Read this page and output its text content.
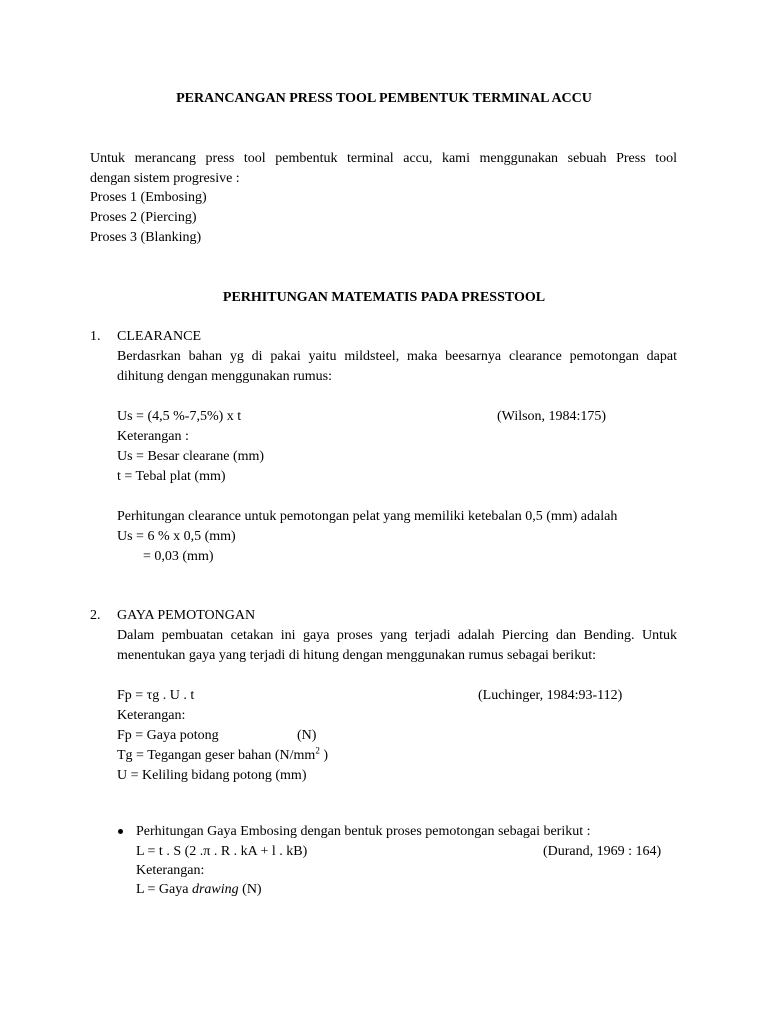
PERANCANGAN PRESS TOOL PEMBENTUK TERMINAL ACCU
Untuk merancang press tool pembentuk terminal accu, kami menggunakan sebuah Press tool
dengan sistem progresive :
Proses 1 (Embosing)
Proses 2 (Piercing)
Proses 3 (Blanking)
PERHITUNGAN MATEMATIS PADA PRESSTOOL
1. CLEARANCE
Berdasrkan bahan yg di pakai yaitu mildsteel, maka beesarnya clearance pemotongan dapat
dihitung dengan menggunakan rumus:
Us = (4,5 %-7,5%) x t	(Wilson, 1984:175)
Keterangan :
Us = Besar clearane (mm)
t = Tebal plat (mm)
Perhitungan clearance untuk pemotongan pelat yang memiliki ketebalan 0,5 (mm) adalah
Us = 6 % x 0,5 (mm)
= 0,03 (mm)
2. GAYA PEMOTONGAN
Dalam pembuatan cetakan ini gaya proses yang terjadi adalah Piercing dan Bending. Untuk
menentukan gaya yang terjadi di hitung dengan menggunakan rumus sebagai berikut:
Fp = τg . U . t	(Luchinger, 1984:93-112)
Keterangan:
Fp = Gaya potong	(N)
Tg = Tegangan geser bahan ($N/mm^2$ )
U = Keliling bidang potong (mm)
Perhitungan Gaya Embosing dengan bentuk proses pemotongan sebagai berikut :
L = t . S (2 .π . R . kA + l . kB)	(Durand, 1969 : 164)
Keterangan:
L = Gaya drawing (N)
